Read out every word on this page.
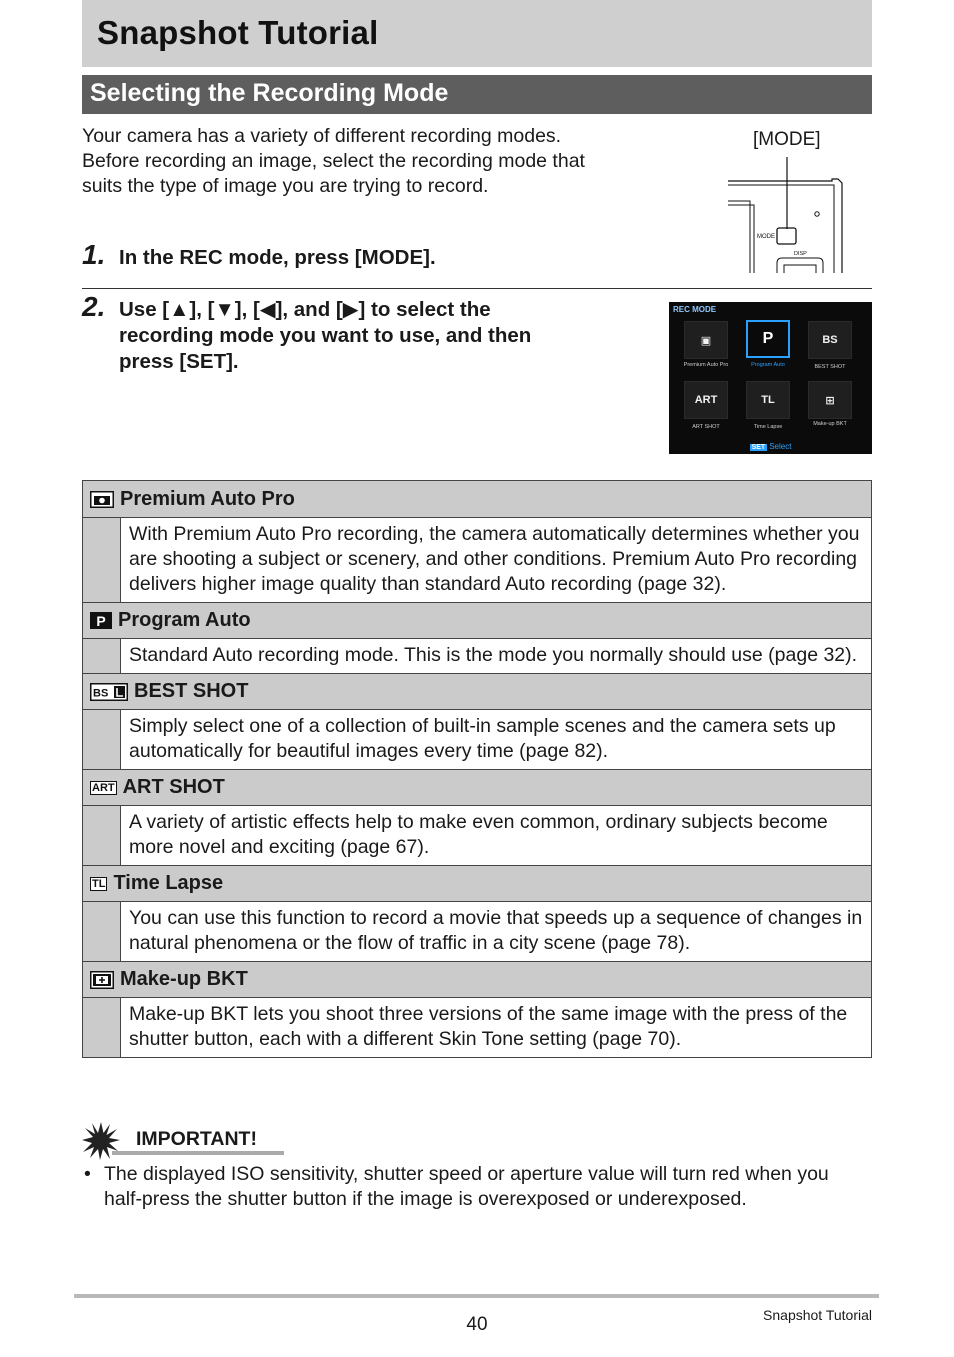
Snapshot Tutorial
Selecting the Recording Mode

Your camera has a variety of different recording modes.

Before recording an image, select the recording mode that

suits the type of image you are trying to record.

[MODE]
MODE
DISP
1. In the REC mode, press [MODE].
2. Use [▲], [▼], [◀], and [▶] to select the
recording mode you want to use, and then
press [SET].
REC MODE
▣	P	BS
Premium Auto Pro	Program Auto	BEST SHOT
ART	TL	⊞
ART SHOT	Time Lapse	Make-up BKT
SET Select
Premium Auto Pro
With Premium Auto Pro recording, the camera automatically determines whether you are shooting a subject or scenery, and other conditions. Premium Auto Pro recording delivers higher image quality than standard Auto recording (page 32).
P Program Auto
Standard Auto recording mode. This is the mode you normally should use (page 32).
BS BEST SHOT
Simply select one of a collection of built-in sample scenes and the camera sets up automatically for beautiful images every time (page 82).
ART ART SHOT
A variety of artistic effects help to make even common, ordinary subjects become more novel and exciting (page 67).
TL Time Lapse
You can use this function to record a movie that speeds up a sequence of changes in natural phenomena or the flow of traffic in a city scene (page 78).
Make-up BKT
Make-up BKT lets you shoot three versions of the same image with the press of the shutter button, each with a different Skin Tone setting (page 70).
IMPORTANT!
• The displayed ISO sensitivity, shutter speed or aperture value will turn red when you half-press the shutter button if the image is overexposed or underexposed.
40	Snapshot Tutorial
